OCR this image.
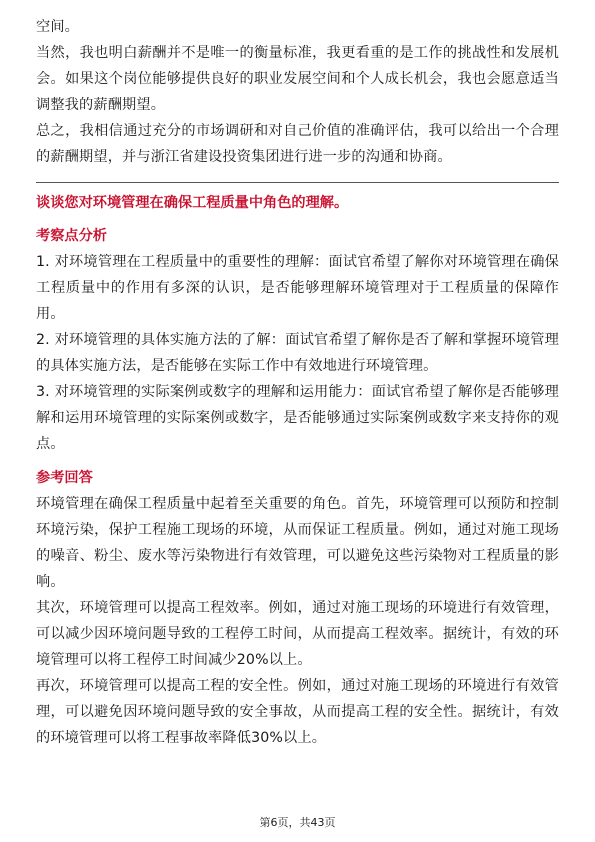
空间。

当然，我也明白薪酬并不是唯一的衡量标准，我更看重的是工作的挑战性和发展机会。如果这个岗位能够提供良好的职业发展空间和个人成长机会，我也会愿意适当调整我的薪酬期望。

总之，我相信通过充分的市场调研和对自己价值的准确评估，我可以给出一个合理的薪酬期望，并与浙江省建设投资集团进行进一步的沟通和协商。

谈谈您对环境管理在确保工程质量中角色的理解。

考察点分析

1. 对环境管理在工程质量中的重要性的理解：面试官希望了解你对环境管理在确保工程质量中的作用有多深的认识，是否能够理解环境管理对于工程质量的保障作用。

2. 对环境管理的具体实施方法的了解：面试官希望了解你是否了解和掌握环境管理的具体实施方法，是否能够在实际工作中有效地进行环境管理。

3. 对环境管理的实际案例或数字的理解和运用能力：面试官希望了解你是否能够理解和运用环境管理的实际案例或数字，是否能够通过实际案例或数字来支持你的观点。

参考回答

环境管理在确保工程质量中起着至关重要的角色。首先，环境管理可以预防和控制环境污染，保护工程施工现场的环境，从而保证工程质量。例如，通过对施工现场的噪音、粉尘、废水等污染物进行有效管理，可以避免这些污染物对工程质量的影响。

其次，环境管理可以提高工程效率。例如，通过对施工现场的环境进行有效管理，可以减少因环境问题导致的工程停工时间，从而提高工程效率。据统计，有效的环境管理可以将工程停工时间减少20%以上。

再次，环境管理可以提高工程的安全性。例如，通过对施工现场的环境进行有效管理，可以避免因环境问题导致的安全事故，从而提高工程的安全性。据统计，有效的环境管理可以将工程事故率降低30%以上。

第6页，共43页
